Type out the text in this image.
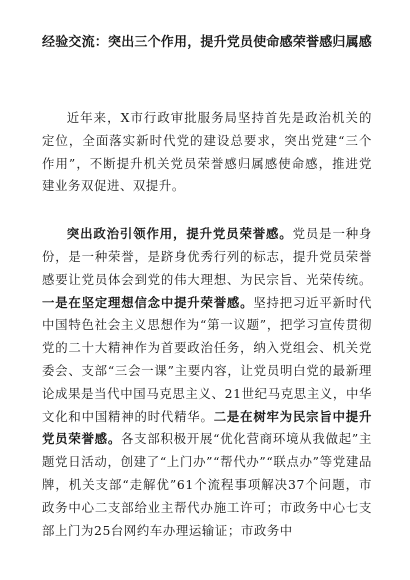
经验交流：突出三个作用，提升党员使命感荣誉感归属感

近年来，X市行政审批服务局坚持首先是政治机关的定位，全面落实新时代党的建设总要求，突出党建“三个作用”，不断提升机关党员荣誉感归属感使命感，推进党建业务双促进、双提升。

突出政治引领作用，提升党员荣誉感。党员是一种身份，是一种荣誉，是跻身优秀行列的标志，提升党员荣誉感要让党员体会到党的伟大理想、为民宗旨、光荣传统。一是在坚定理想信念中提升荣誉感。坚持把习近平新时代中国特色社会主义思想作为“第一议题”，把学习宣传贯彻党的二十大精神作为首要政治任务，纳入党组会、机关党委会、支部“三会一课”主要内容，让党员明白党的最新理论成果是当代中国马克思主义、21世纪马克思主义，中华文化和中国精神的时代精华。二是在树牢为民宗旨中提升党员荣誉感。各支部积极开展“优化营商环境从我做起”主题党日活动，创建了“上门办”“帮代办”“联点办”等党建品牌，机关支部“走解优”61个流程事项解决37个问题，市政务中心二支部给业主帮代办施工许可；市政务中心七支部上门为25台网约车办理运输证；市政务中
